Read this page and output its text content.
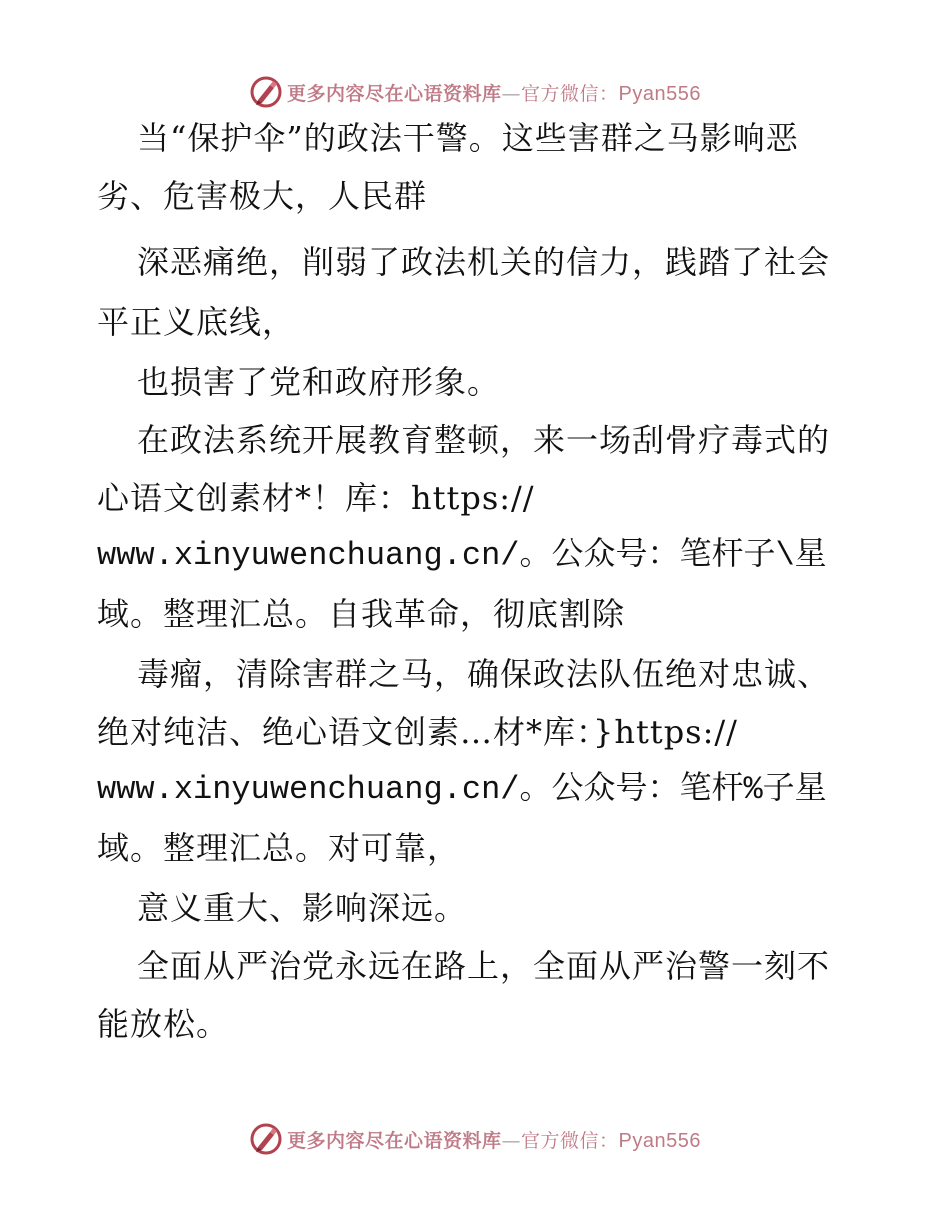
更多内容尽在心语资料库—官方微信：Pyan556
当“保护伞”的政法干警。这些害群之马影响恶
劣、危害极大，人民群
深恶痛绝，削弱了政法机关的信力，践踏了社会
平正义底线，
也损害了党和政府形象。
在政法系统开展教育整顿，来一场刮骨疗毒式的
心语文创素材*！库：https://
www.xinyuwenchuang.cn/。公众号：笔杆子\星
域。整理汇总。自我革命，彻底割除
毒瘤，清除害群之马，确保政法队伍绝对忠诚、
绝对纯洁、绝心语文创素…材*库：}https://
www.xinyuwenchuang.cn/。公众号：笔杆%子星
域。整理汇总。对可靠，
意义重大、影响深远。
全面从严治党永远在路上，全面从严治警一刻不
能放松。
更多内容尽在心语资料库—官方微信：Pyan556
